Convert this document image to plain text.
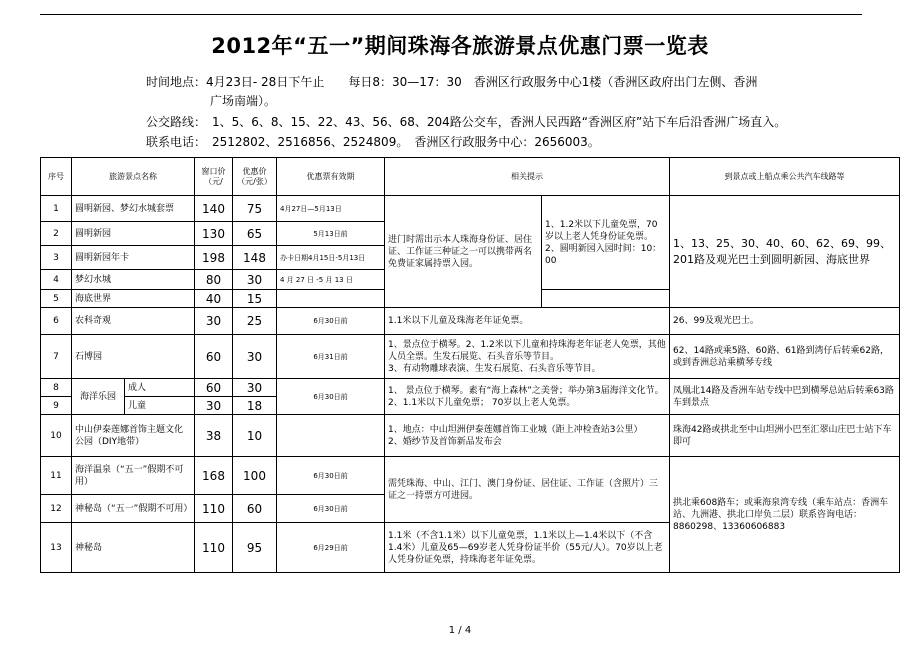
2012年“五一”期间珠海各旅游景点优惠门票一览表
时间地点：4月23日- 28日下午止　　每日8：30—17：30　香洲区行政服务中心1楼（香洲区政府出门左侧、香洲
广场南端）。
公交路线：　1、5、6、8、15、22、43、56、68、204路公交车，香洲人民西路“香洲区府”站下车后沿香洲广场直入。
联系电话：　2512802、2516856、2524809。　香洲区行政服务中心：2656003。
序号	旅游景点名称		窗口价（元/	优惠价（元/张）	优惠票有效期	相关提示		到景点或上船点乘公共汽车线路等
1	圆明新园、梦幻水城套票		140	75	4月27日—5月13日	进门时需出示本人珠海身份证、居住证、工作证三种证之一可以携带两名免费证家属持票入园。	1、1.2米以下儿童免票，70岁以上老人凭身份证免票。
2、圆明新园入园时间：10：00	1、13、25、30、40、60、62、69、99、201路及观光巴士到圆明新园、海底世界
2	圆明新园		130	65	5月13日前			
3	圆明新园年卡		198	148	办卡日期4月15日-5月13日			
4	梦幻水城		80	30	4 月 27 日 -5 月 13 日			
5	海底世界		40	15				
6	农科奇观		30	25	6月30日前	1.1米以下儿童及珠海老年证免票。		26、99及观光巴士。
7	石博园		60	30	6月31日前	1、景点位于横琴。2、1.2米以下儿童和持珠海老年证老人免票，其他人员全票。生发石展览、石头音乐等节目。
3、有动物雕球表演、生发石展览、石头音乐等节目。		62、14路或乘5路、60路、61路到湾仔后转乘62路，或到香洲总站乘横琴专线
8	海洋乐园	成人	60	30	6月30日前	1、 景点位于横琴。素有“海上森林”之美誉；举办第3届海洋文化节。
2、1.1米以下儿童免票； 70岁以上老人免票。		凤凰北14路及香洲车站专线中巴到横琴总站后转乘63路车到景点
9		儿童	30	18				
10	中山伊泰莲娜首饰主题文化公园（DIY地带）		38	10		1、地点：中山坦洲伊泰莲娜首饰工业城（距上冲检查站3公里）
2、婚纱节及首饰新品发布会		珠海42路或拱北至中山坦洲小巴至汇翠山庄巴士站下车即可
11	海洋温泉（“五一”假期不可用）		168	100	6月30日前	需凭珠海、中山、江门、澳门身份证、居住证、工作证（含照片）三证之一持票方可进园。		拱北乘608路车；或乘海泉湾专线（乘车站点：香洲车站、九洲港、拱北口岸负二层）联系咨询电话：8860298、13360606883
12	神秘岛（“五一”假期不可用）		110	60	6月30日前			
13	神秘岛		110	95	6月29日前	1.1米（不含1.1米）以下儿童免票，1.1米以上—1.4米以下（不含1.4米）儿童及65—69岁老人凭身份证半价（55元/人）。70岁以上老人凭身份证免票，持珠海老年证免票。		
1 / 4
